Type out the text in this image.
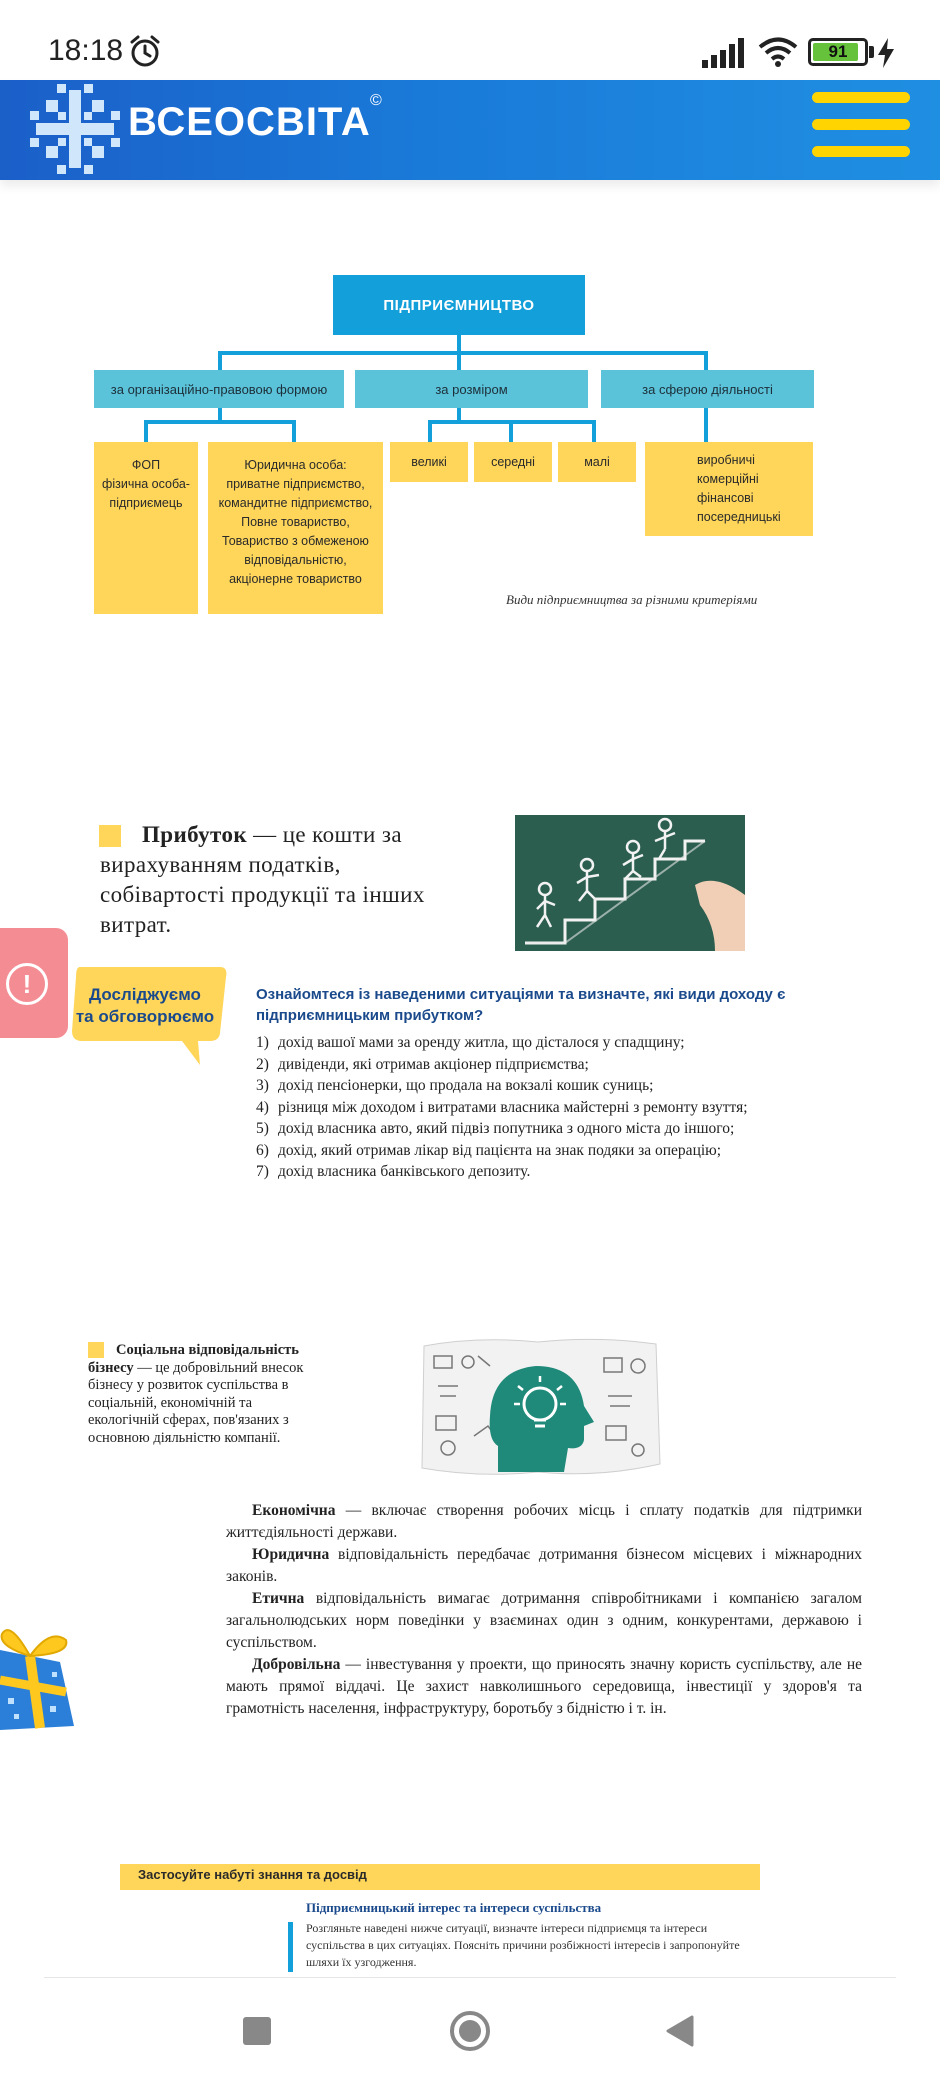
18:18	91
ВСЕОСВІТА ©
ПІДПРИЄМНИЦТВО
за організаційно-правовою формою	за розміром	за сферою діяльності
ФОП
фізична особа-
підприємець
Юридична особа:
приватне підприємство,
командитне підприємство,
Повне товариство,
Товариство з обмеженою
відповідальністю,
акціонерне товариство
великі	середні	малі	виробничі
комерційні
фінансові
посередницькі
Види підприємництва за різними критеріями
Прибуток — це кошти за вирахуванням податків, собівартості продукції та інших витрат.
!	Досліджуємо
та обговорюємо
Ознайомтеся із наведеними ситуаціями та визначте, які види доходу є підприємницьким прибутком?
1) дохід вашої мами за оренду житла, що дісталося у спадщину;
2) дивіденди, які отримав акціонер підприємства;
3) дохід пенсіонерки, що продала на вокзалі кошик суниць;
4) різниця між доходом і витратами власника майстерні з ремонту взуття;
5) дохід власника авто, який підвіз попутника з одного міста до іншого;
6) дохід, який отримав лікар від пацієнта на знак подяки за операцію;
7) дохід власника банківського депозиту.
Соціальна відповідальність бізнесу — це добровільний внесок бізнесу у розвиток суспільства в соціальній, економічній та екологічній сферах, пов'язаних з основною діяльністю компанії.

Економічна — включає створення робочих місць і сплату податків для підтримки життєдіяльності держави.

Юридична відповідальність передбачає дотримання бізнесом місцевих і міжнародних законів.

Етична відповідальність вимагає дотримання співробітниками і компанією загалом загальнолюдських норм поведінки у взаєминах один з одним, конкурентами, державою і суспільством.

Добровільна — інвестування у проекти, що приносять значну користь суспільству, але не мають прямої віддачі. Це захист навколишнього середовища, інвестиції у здоров'я та грамотність населення, інфраструктуру, боротьбу з бідністю і т. ін.

Застосуйте набуті знання та досвід
Підприємницький інтерес та інтереси суспільства
Розгляньте наведені нижче ситуації, визначте інтереси підприємця та інтереси суспільства в цих ситуаціях. Поясніть причини розбіжності інтересів і запропонуйте шляхи їх узгодження.
